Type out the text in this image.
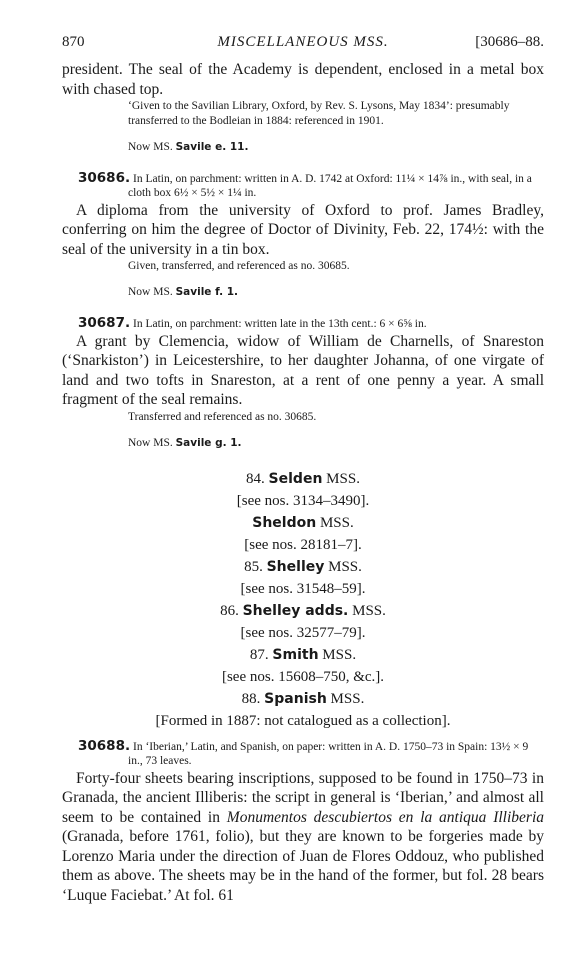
870	MISCELLANEOUS MSS.	[30686–88.

president. The seal of the Academy is dependent, enclosed in a metal box with chased top.

‘Given to the Savilian Library, Oxford, by Rev. S. Lysons, May 1834’: presumably transferred to the Bodleian in 1884: referenced in 1901.

Now MS. Savile e. 11.

30686. In Latin, on parchment: written in A. D. 1742 at Oxford: 11¼ × 14⅞ in., with seal, in a cloth box 6½ × 5½ × 1¼ in.

A diploma from the university of Oxford to prof. James Bradley, conferring on him the degree of Doctor of Divinity, Feb. 22, 174½: with the seal of the university in a tin box.

Given, transferred, and referenced as no. 30685.

Now MS. Savile f. 1.

30687. In Latin, on parchment: written late in the 13th cent.: 6 × 6⅝ in.

A grant by Clemencia, widow of William de Charnells, of Snareston (‘Snarkiston’) in Leicestershire, to her daughter Johanna, of one virgate of land and two tofts in Snareston, at a rent of one penny a year. A small fragment of the seal remains.

Transferred and referenced as no. 30685.

Now MS. Savile g. 1.

84. Selden MSS.
[see nos. 3134–3490].
Sheldon MSS.
[see nos. 28181–7].
85. Shelley MSS.
[see nos. 31548–59].
86. Shelley adds. MSS.
[see nos. 32577–79].
87. Smith MSS.
[see nos. 15608–750, &c.].
88. Spanish MSS.
[Formed in 1887: not catalogued as a collection].

30688. In ‘Iberian,’ Latin, and Spanish, on paper: written in A. D. 1750–73 in Spain: 13½ × 9 in., 73 leaves.

Forty-four sheets bearing inscriptions, supposed to be found in 1750–73 in Granada, the ancient Illiberis: the script in general is ‘Iberian,’ and almost all seem to be contained in Monumentos descubiertos en la antiqua Illiberia (Granada, before 1761, folio), but they are known to be forgeries made by Lorenzo Maria under the direction of Juan de Flores Oddouz, who published them as above. The sheets may be in the hand of the former, but fol. 28 bears ‘Luque Faciebat.’ At fol. 61
